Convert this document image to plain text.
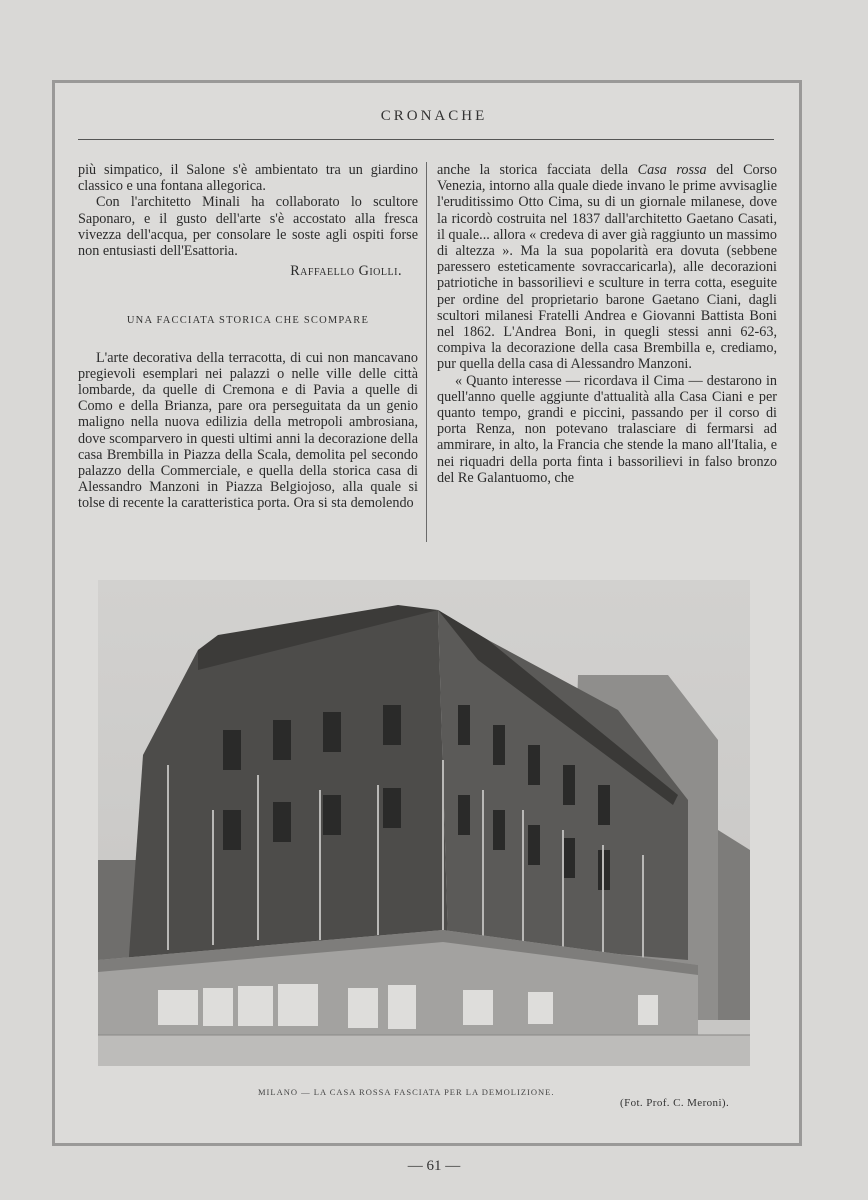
CRONACHE

più simpatico, il Salone s'è ambientato tra un giardino classico e una fontana allegorica.

Con l'architetto Minali ha collaborato lo scultore Saponaro, e il gusto dell'arte s'è accostato alla fresca vivezza dell'acqua, per consolare le soste agli ospiti forse non entusiasti dell'Esattoria.

Raffaello Giolli.

UNA FACCIATA STORICA CHE SCOMPARE

L'arte decorativa della terracotta, di cui non mancavano pregievoli esemplari nei palazzi o nelle ville delle città lombarde, da quelle di Cremona e di Pavia a quelle di Como e della Brianza, pare ora perseguitata da un genio maligno nella nuova edilizia della metropoli ambrosiana, dove scomparvero in questi ultimi anni la decorazione della casa Brembilla in Piazza della Scala, demolita pel secondo palazzo della Commerciale, e quella della storica casa di Alessandro Manzoni in Piazza Belgiojoso, alla quale si tolse di recente la caratteristica porta. Ora si sta demolendo

anche la storica facciata della Casa rossa del Corso Venezia, intorno alla quale diede invano le prime avvisaglie l'eruditissimo Otto Cima, su di un giornale milanese, dove la ricordò costruita nel 1837 dall'architetto Gaetano Casati, il quale... allora « credeva di aver già raggiunto un massimo di altezza ». Ma la sua popolarità era dovuta (sebbene paressero esteticamente sovraccaricarla), alle decorazioni patriotiche in bassorilievi e sculture in terra cotta, eseguite per ordine del proprietario barone Gaetano Ciani, dagli scultori milanesi Fratelli Andrea e Giovanni Battista Boni nel 1862. L'Andrea Boni, in quegli stessi anni 62-63, compiva la decorazione della casa Brembilla e, crediamo, pur quella della casa di Alessandro Manzoni.

« Quanto interesse — ricordava il Cima — destarono in quell'anno quelle aggiunte d'attualità alla Casa Ciani e per quanto tempo, grandi e piccini, passando per il corso di porta Renza, non potevano tralasciare di fermarsi ad ammirare, in alto, la Francia che stende la mano all'Italia, e nei riquadri della porta finta i bassorilievi in falso bronzo del Re Galantuomo, che

MILANO — LA CASA ROSSA FASCIATA PER LA DEMOLIZIONE.
(Fot. Prof. C. Meroni).
— 61 —
